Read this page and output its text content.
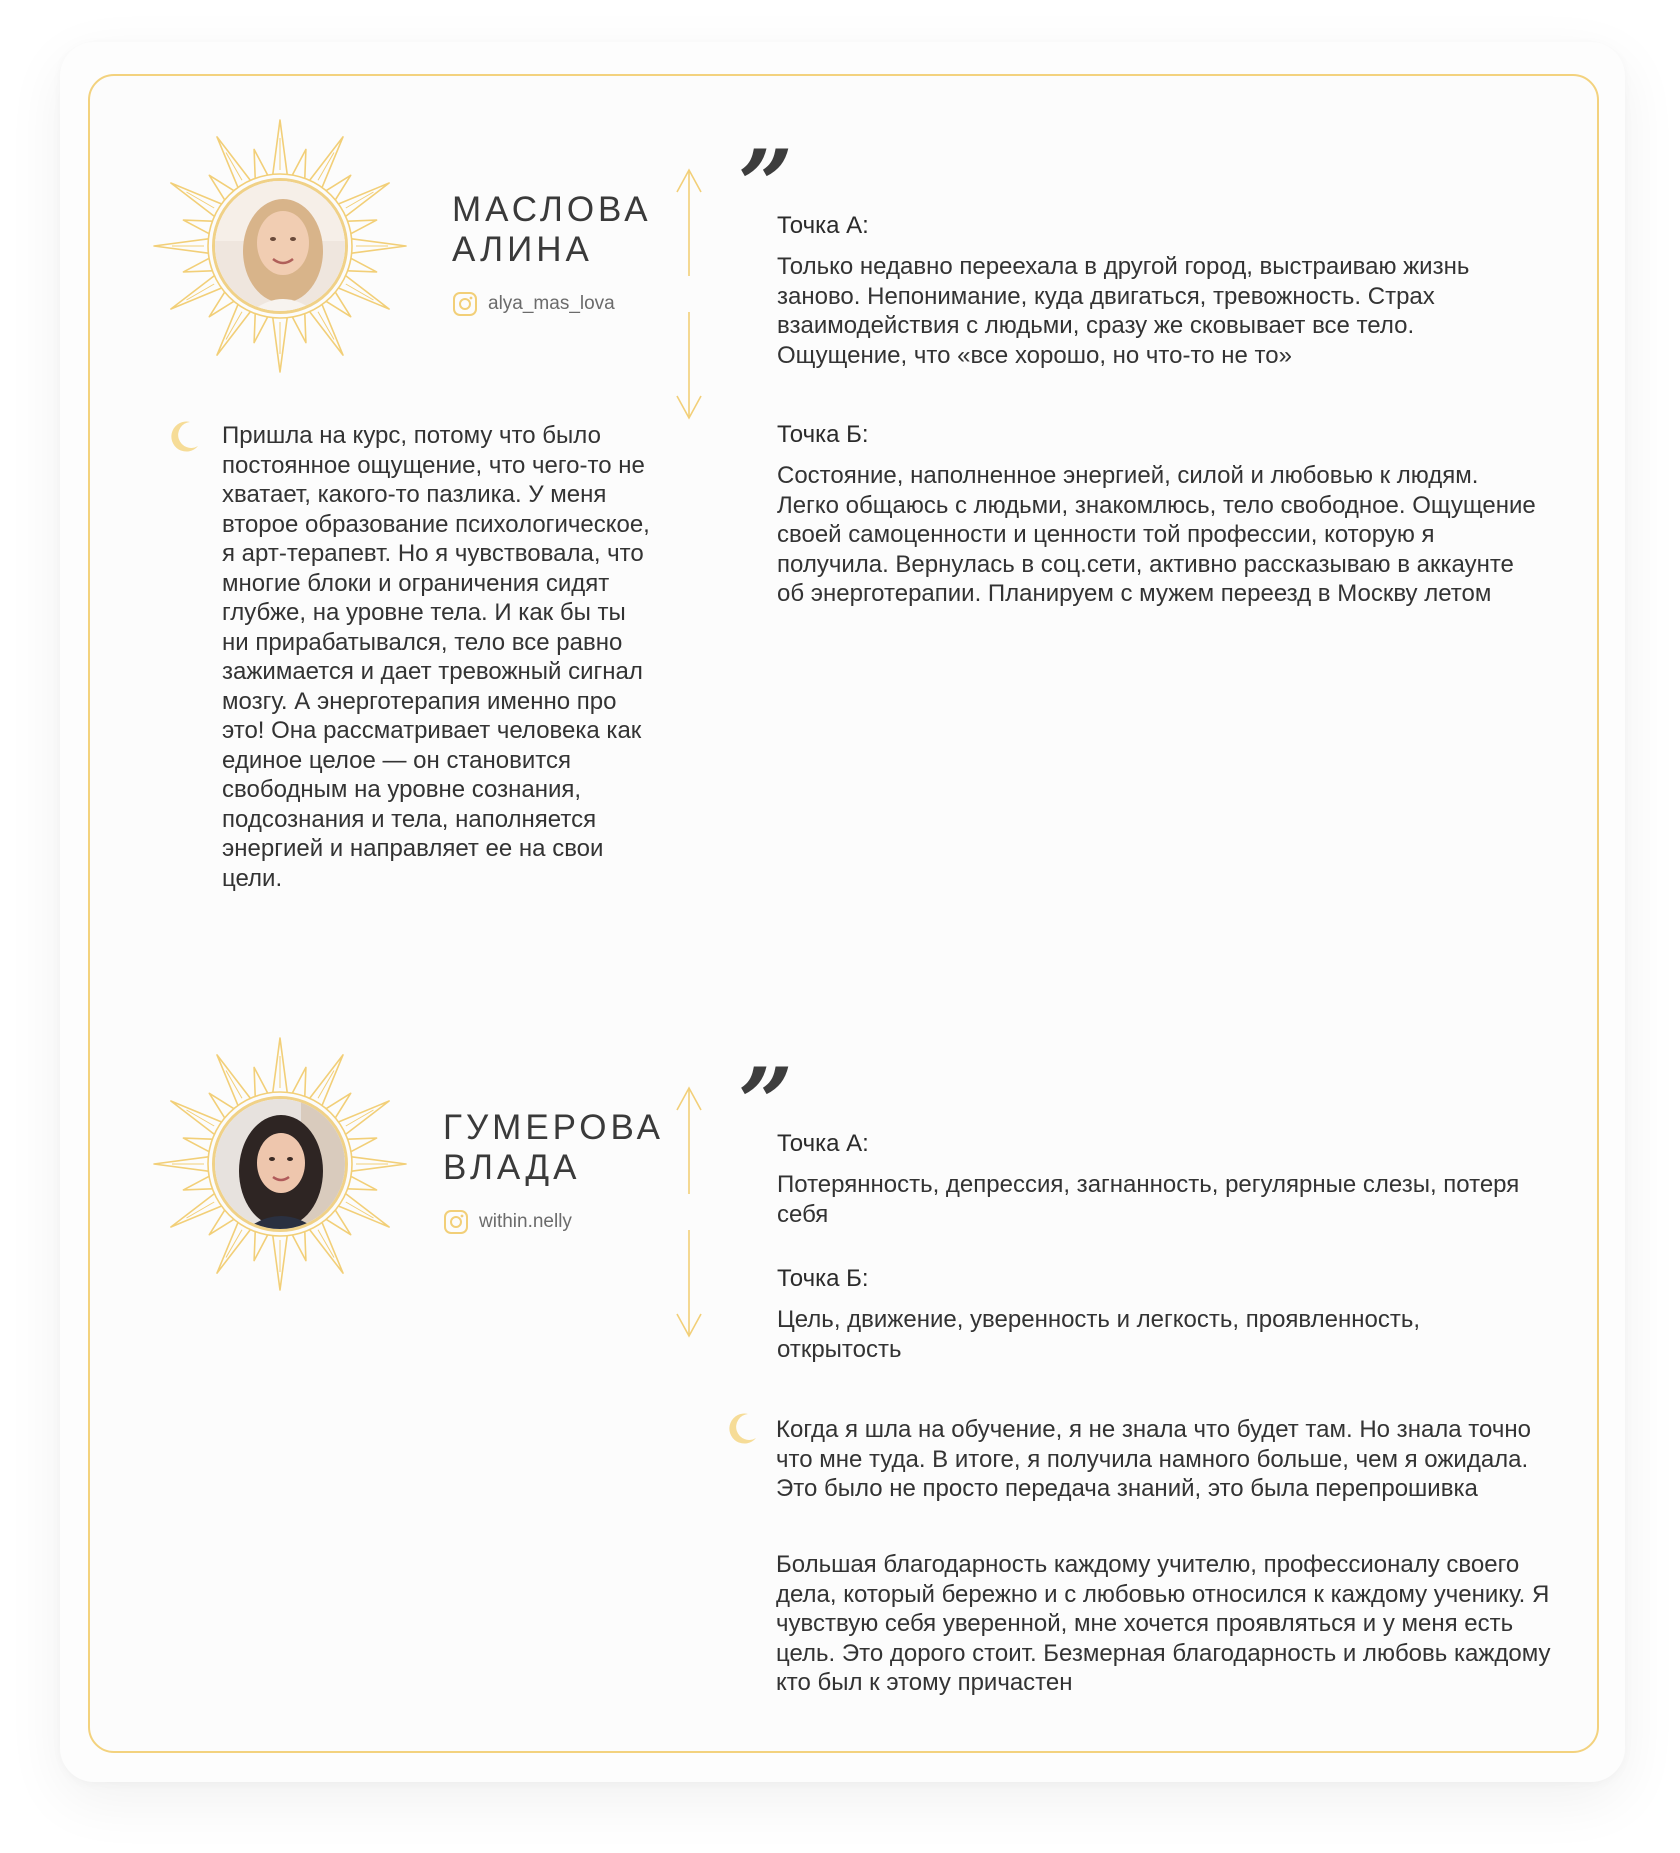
МАСЛОВА
АЛИНА
alya_mas_lova
”
Точка А:

Только недавно переехала в другой город, выстраиваю жизнь заново. Непонимание, куда двигаться, тревожность. Страх взаимодействия с людьми, сразу же сковывает все тело. Ощущение, что «все хорошо, но что-то не то»

Точка Б:

Состояние, наполненное энергией, силой и любовью к людям. Легко общаюсь с людьми, знакомлюсь, тело свободное. Ощущение своей самоценности и ценности той профессии, которую я получила. Вернулась в соц.сети, активно рассказываю в аккаунте об энерготерапии. Планируем с мужем переезд в Москву летом

Пришла на курс, потому что было постоянное ощущение, что чего-то не хватает, какого-то пазлика. У меня второе образование психологическое, я арт-терапевт. Но я чувствовала, что многие блоки и ограничения сидят глубже, на уровне тела. И как бы ты ни прирабатывался, тело все равно зажимается и дает тревожный сигнал мозгу. А энерготерапия именно про это! Она рассматривает человека как единое целое — он становится свободным на уровне сознания, подсознания и тела, наполняется энергией и направляет ее на свои цели.

ГУМЕРОВА
ВЛАДА
within.nelly
”
Точка А:

Потерянность, депрессия, загнанность, регулярные слезы, потеря себя

Точка Б:

Цель, движение, уверенность и легкость, проявленность, открытость

Когда я шла на обучение, я не знала что будет там. Но знала точно что мне туда. В итоге, я получила намного больше, чем я ожидала. Это было не просто передача знаний, это была перепрошивка

Большая благодарность каждому учителю, профессионалу своего дела, который бережно и с любовью относился к каждому ученику. Я чувствую себя уверенной, мне хочется проявляться и у меня есть цель. Это дорого стоит. Безмерная благодарность и любовь каждому кто был к этому причастен
